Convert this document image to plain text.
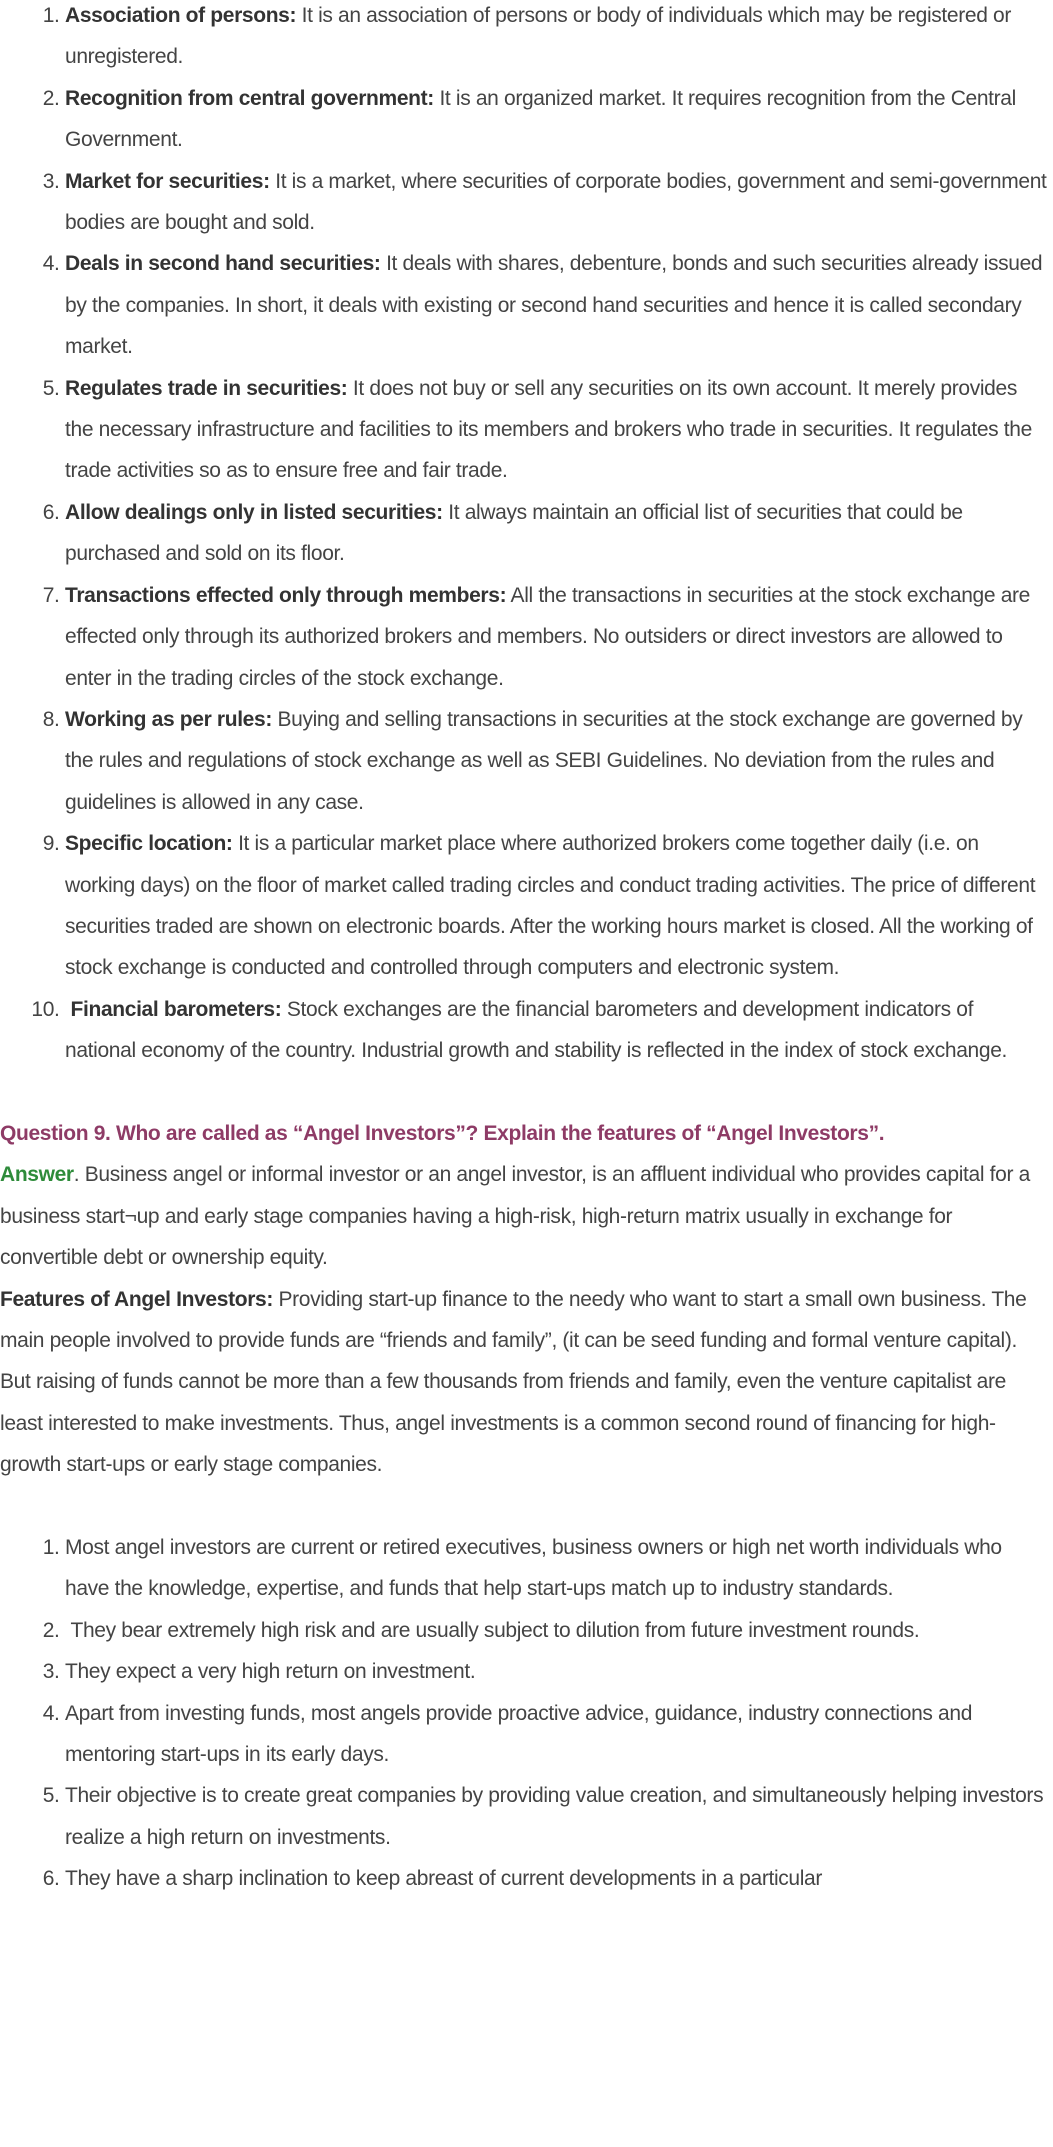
1. Association of persons: It is an association of persons or body of individuals which may be registered or unregistered.
2. Recognition from central government: It is an organized market. It requires recognition from the Central Government.
3. Market for securities: It is a market, where securities of corporate bodies, government and semi-government bodies are bought and sold.
4. Deals in second hand securities: It deals with shares, debenture, bonds and such securities already issued by the companies. In short, it deals with existing or second hand securities and hence it is called secondary market.
5. Regulates trade in securities: It does not buy or sell any securities on its own account. It merely provides the necessary infrastructure and facilities to its members and brokers who trade in securities. It regulates the trade activities so as to ensure free and fair trade.
6. Allow dealings only in listed securities: It always maintain an official list of securities that could be purchased and sold on its floor.
7. Transactions effected only through members: All the transactions in securities at the stock exchange are effected only through its authorized brokers and members. No outsiders or direct investors are allowed to enter in the trading circles of the stock exchange.
8. Working as per rules: Buying and selling transactions in securities at the stock exchange are governed by the rules and regulations of stock exchange as well as SEBI Guidelines. No deviation from the rules and guidelines is allowed in any case.
9. Specific location: It is a particular market place where authorized brokers come together daily (i.e. on working days) on the floor of market called trading circles and conduct trading activities. The price of different securities traded are shown on electronic boards. After the working hours market is closed. All the working of stock exchange is conducted and controlled through computers and electronic system.
10. Financial barometers: Stock exchanges are the financial barometers and development indicators of national economy of the country. Industrial growth and stability is reflected in the index of stock exchange.

Question 9. Who are called as “Angel Investors”? Explain the features of “Angel Investors”.

Answer. Business angel or informal investor or an angel investor, is an affluent individual who provides capital for a business start¬up and early stage companies having a high-risk, high-return matrix usually in exchange for convertible debt or ownership equity.

Features of Angel Investors: Providing start-up finance to the needy who want to start a small own business. The main people involved to provide funds are “friends and family”, (it can be seed funding and formal venture capital). But raising of funds cannot be more than a few thousands from friends and family, even the venture capitalist are least interested to make investments. Thus, angel investments is a common second round of financing for high-growth start-ups or early stage companies.

1. Most angel investors are current or retired executives, business owners or high net worth individuals who have the knowledge, expertise, and funds that help start-ups match up to industry standards.
2.  They bear extremely high risk and are usually subject to dilution from future investment rounds.
3. They expect a very high return on investment.
4. Apart from investing funds, most angels provide proactive advice, guidance, industry connections and mentoring start-ups in its early days.
5. Their objective is to create great companies by providing value creation, and simultaneously helping investors realize a high return on investments.
6. They have a sharp inclination to keep abreast of current developments in a particular
